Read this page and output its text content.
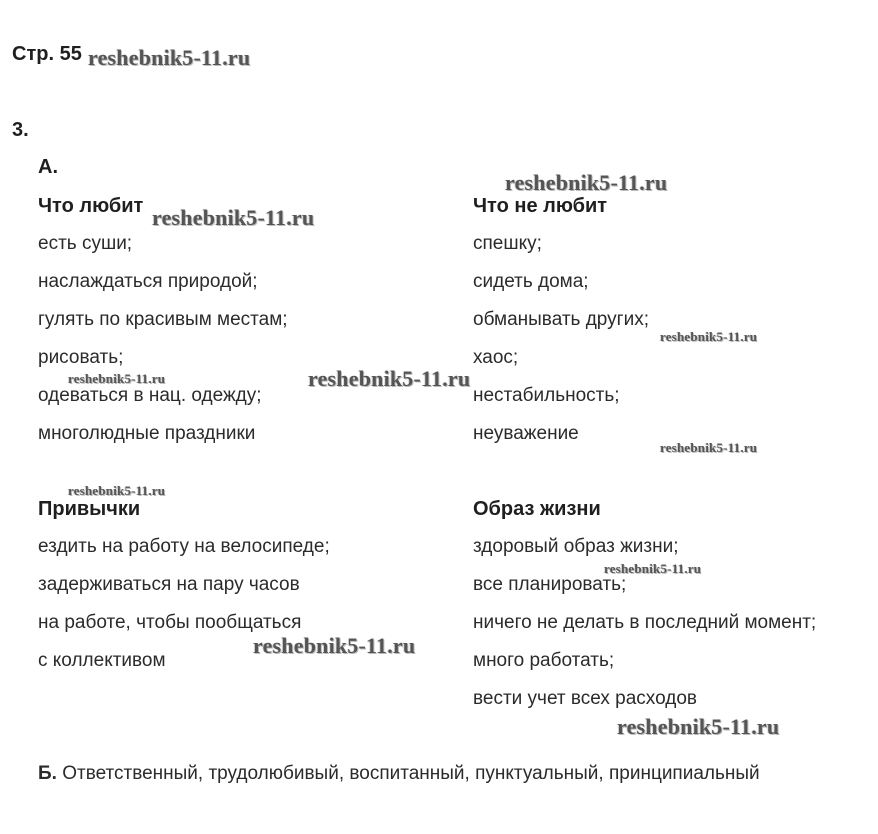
Стр. 55
3.
А.
Что любит
есть суши;
наслаждаться природой;
гулять по красивым местам;
рисовать;
одеваться в нац. одежду;
многолюдные праздники
Что не любит
спешку;
сидеть дома;
обманывать других;
хаос;
нестабильность;
неуважение
Привычки
ездить на работу на велосипеде;
задерживаться на пару часов
на работе, чтобы пообщаться
с коллективом
Образ жизни
здоровый образ жизни;
все планировать;
ничего не делать в последний момент;
много работать;
вести учет всех расходов
Б. Ответственный, трудолюбивый, воспитанный, пунктуальный, принципиальный
reshebnik5-11.ru
reshebnik5-11.ru
reshebnik5-11.ru
reshebnik5-11.ru
reshebnik5-11.ru	reshebnik5-11.ru
reshebnik5-11.ru
reshebnik5-11.ru
reshebnik5-11.ru
reshebnik5-11.ru
reshebnik5-11.ru
